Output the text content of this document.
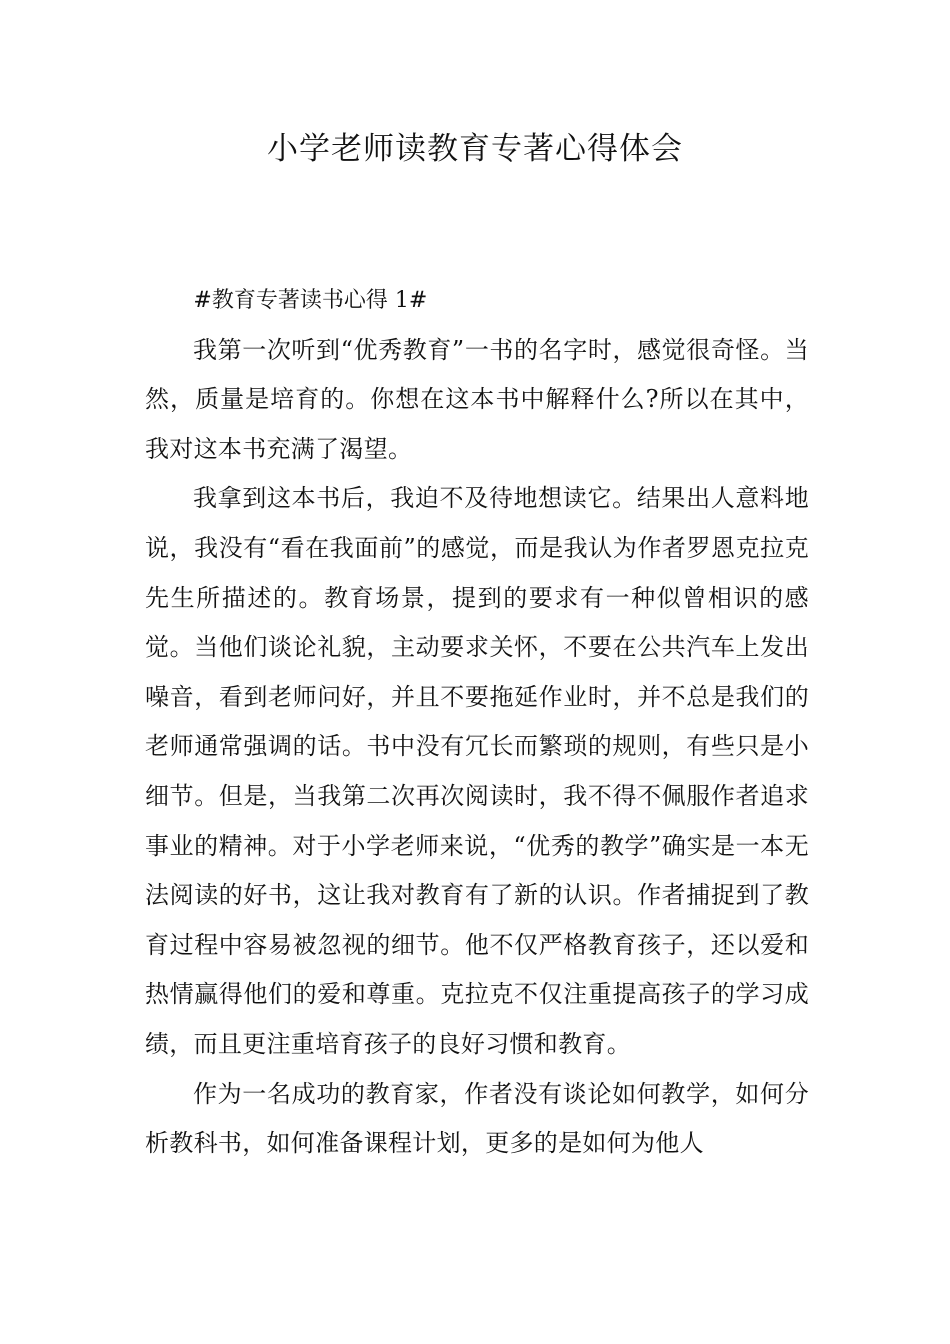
小学老师读教育专著心得体会

#教育专著读书心得 1#

我第一次听到“优秀教育”一书的名字时，感觉很奇怪。当然，质量是培育的。你想在这本书中解释什么?所以在其中，我对这本书充满了渴望。

我拿到这本书后，我迫不及待地想读它。结果出人意料地说，我没有“看在我面前”的感觉，而是我认为作者罗恩克拉克先生所描述的。教育场景，提到的要求有一种似曾相识的感觉。当他们谈论礼貌，主动要求关怀，不要在公共汽车上发出噪音，看到老师问好，并且不要拖延作业时，并不总是我们的老师通常强调的话。书中没有冗长而繁琐的规则，有些只是小细节。但是，当我第二次再次阅读时，我不得不佩服作者追求事业的精神。对于小学老师来说，“优秀的教学”确实是一本无法阅读的好书，这让我对教育有了新的认识。作者捕捉到了教育过程中容易被忽视的细节。他不仅严格教育孩子，还以爱和热情赢得他们的爱和尊重。克拉克不仅注重提高孩子的学习成绩，而且更注重培育孩子的良好习惯和教育。

作为一名成功的教育家，作者没有谈论如何教学，如何分析教科书，如何准备课程计划，更多的是如何为他人
